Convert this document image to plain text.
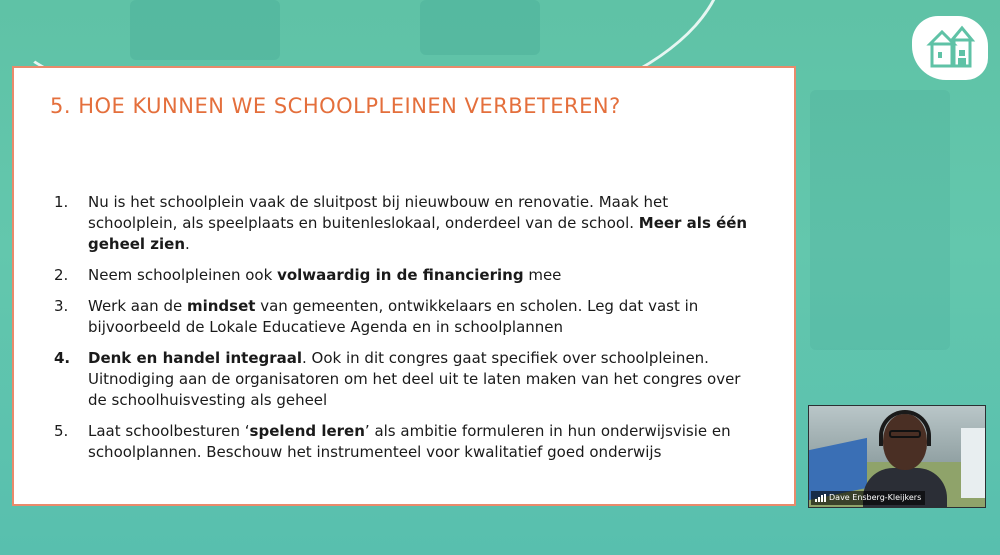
5. HOE KUNNEN WE SCHOOLPLEINEN VERBETEREN?
1.	Nu is het schoolplein vaak de sluitpost bij nieuwbouw en renovatie. Maak het schoolplein, als speelplaats en buitenleslokaal, onderdeel van de school. Meer als één geheel zien.
2.	Neem schoolpleinen ook volwaardig in de financiering mee
3.	Werk aan de mindset van gemeenten, ontwikkelaars en scholen. Leg dat vast in bijvoorbeeld de Lokale Educatieve Agenda en in schoolplannen
4.	Denk en handel integraal. Ook in dit congres gaat specifiek over schoolpleinen. Uitnodiging aan de organisatoren om het deel uit te laten maken van het congres over de schoolhuisvesting als geheel
5.	Laat schoolbesturen ‘spelend leren’ als ambitie formuleren in hun onderwijsvisie en schoolplannen. Beschouw het instrumenteel voor kwalitatief goed onderwijs
Dave Ensberg-Kleijkers
